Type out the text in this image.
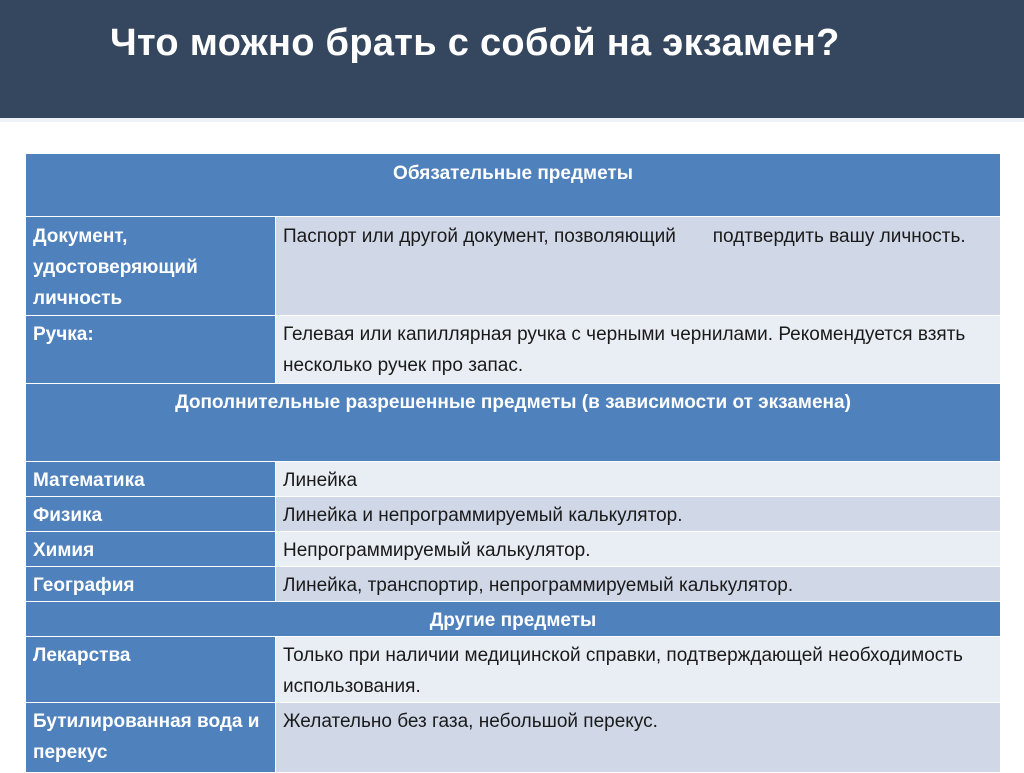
Что можно брать с собой на экзамен?
Обязательные предметы	
Документ, удостоверяющий личность	Паспорт или другой документ, позволяющий       подтвердить вашу личность.
Ручка:	Гелевая или капиллярная ручка с черными чернилами. Рекомендуется взять несколько ручек про запас.
Дополнительные разрешенные предметы (в зависимости от экзамена)	
Математика	Линейка
Физика	Линейка и непрограммируемый калькулятор.
Химия	Непрограммируемый калькулятор.
География	Линейка, транспортир, непрограммируемый калькулятор.
Другие предметы	
Лекарства	Только при наличии медицинской справки, подтверждающей необходимость использования.
Бутилированная вода и перекус	Желательно без газа, небольшой перекус.
